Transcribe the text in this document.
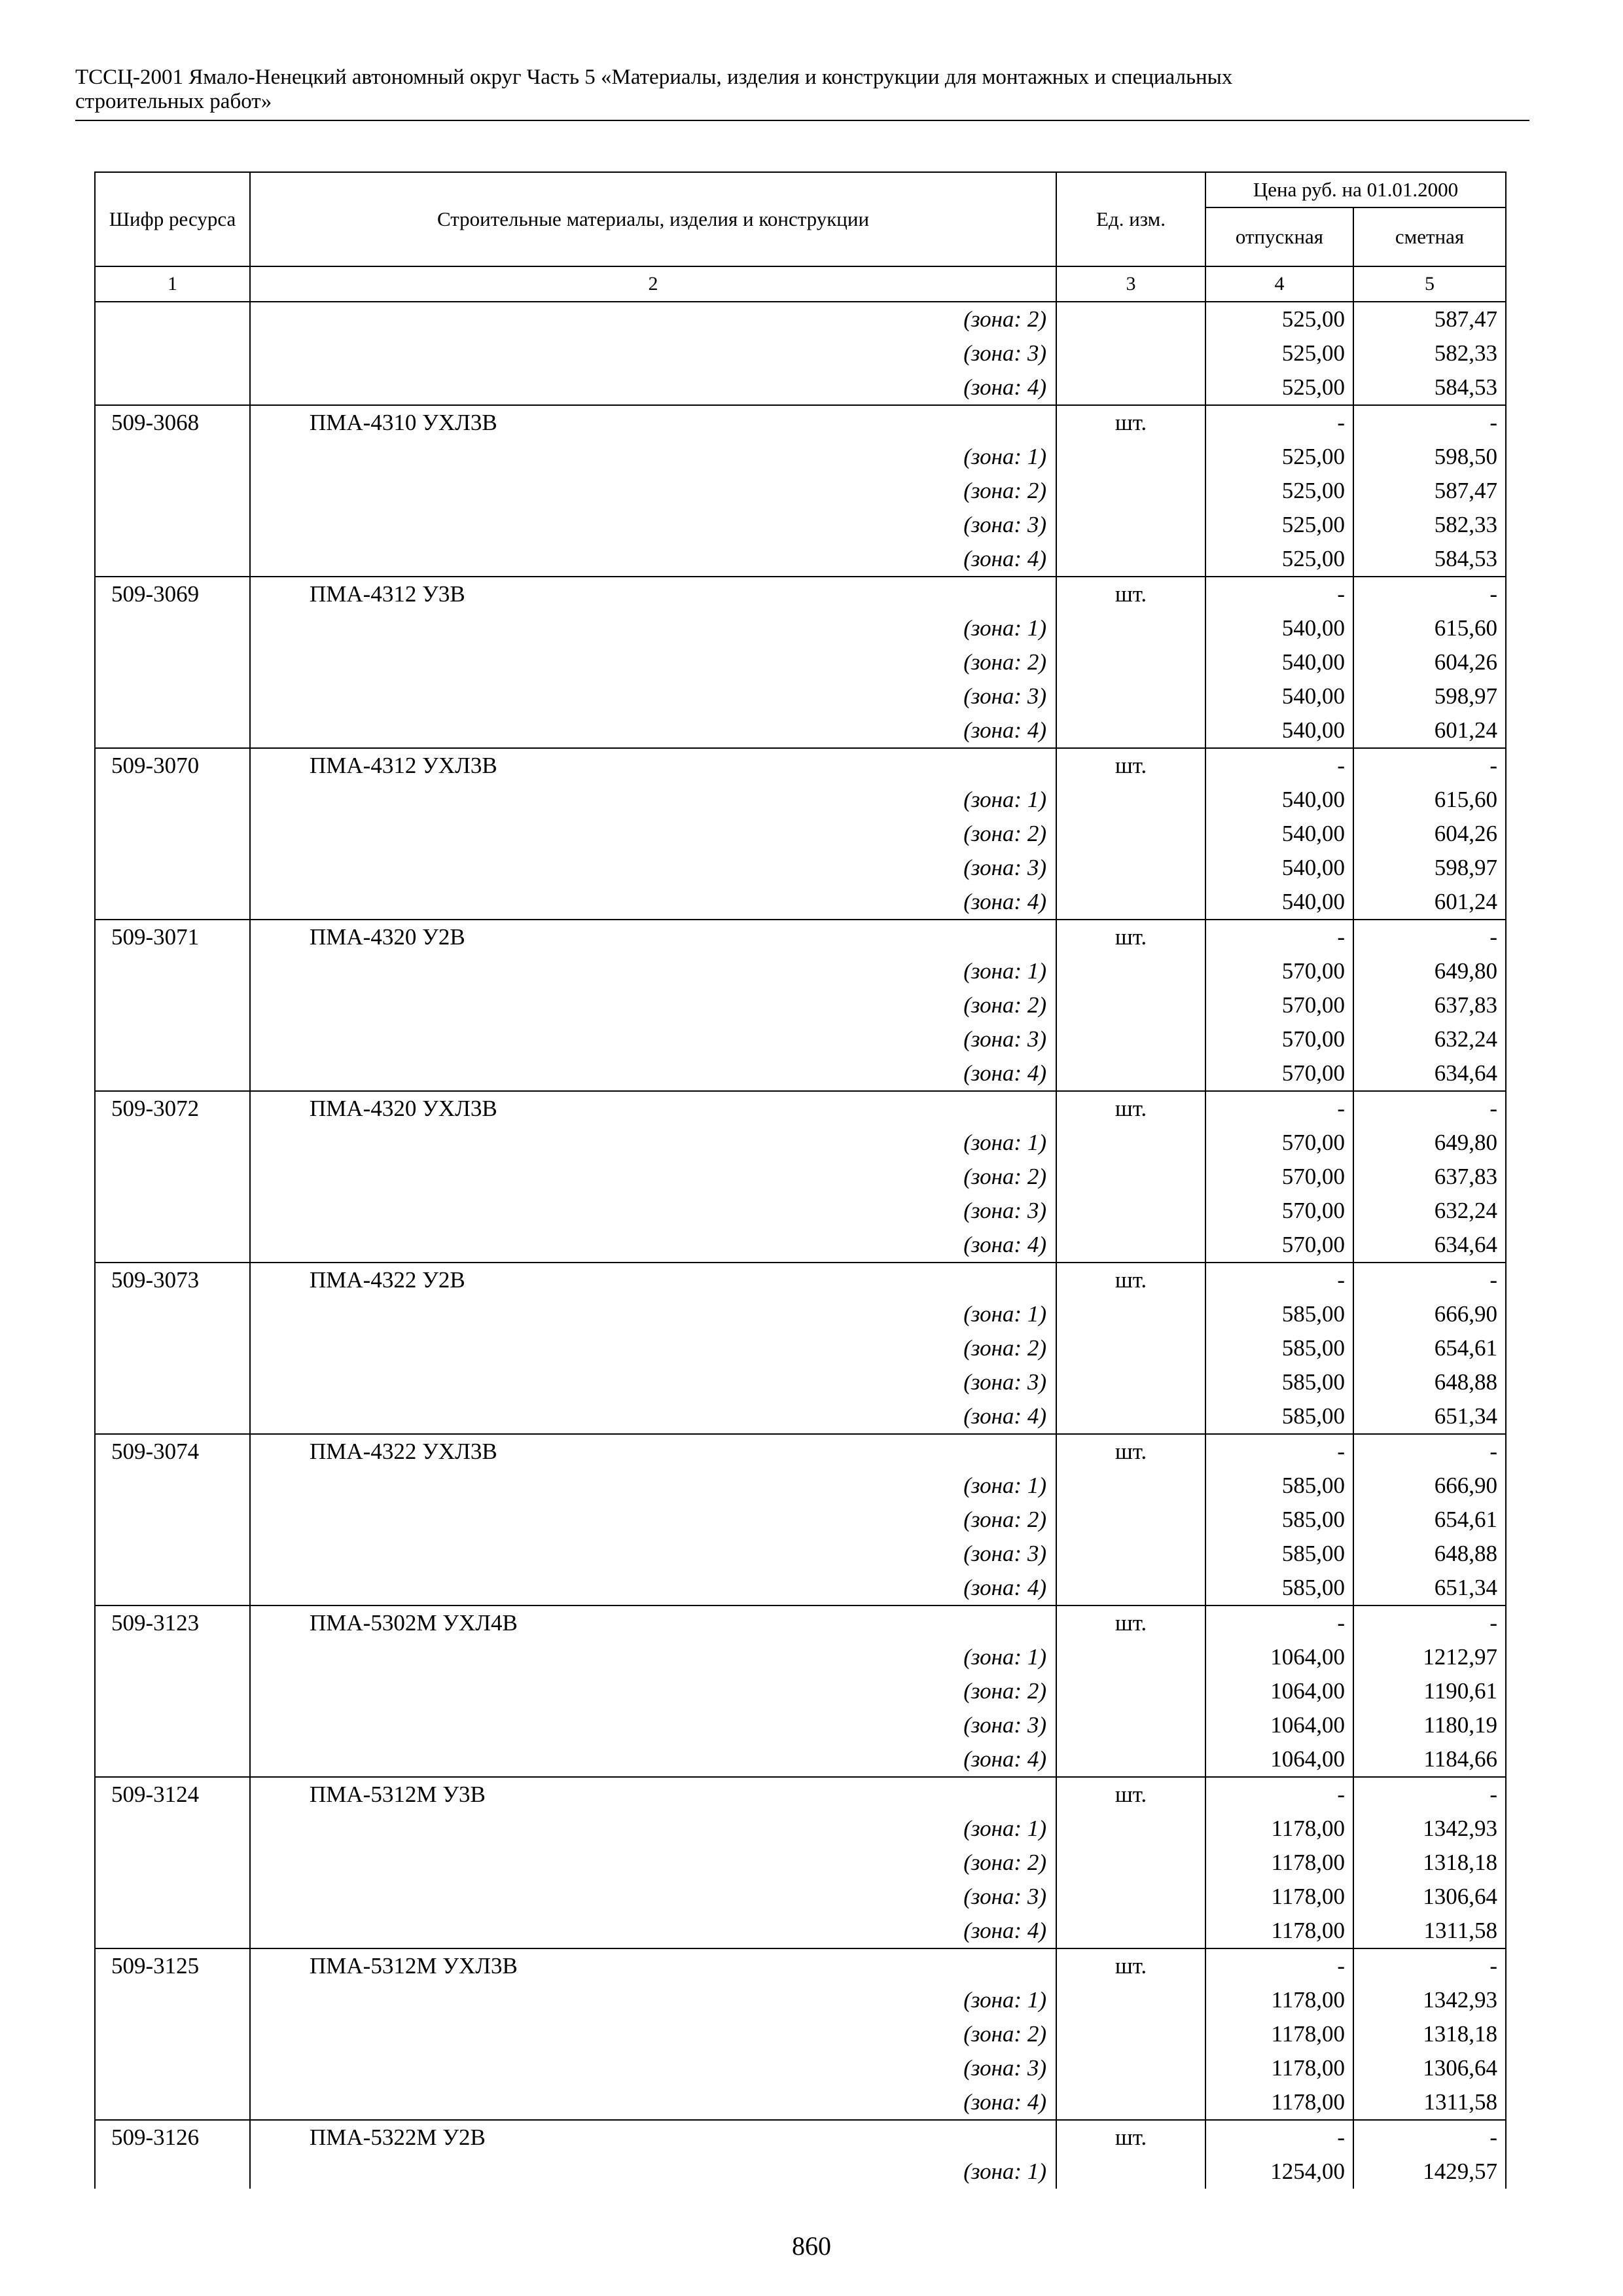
ТССЦ-2001 Ямало-Ненецкий автономный округ Часть 5 «Материалы, изделия и конструкции для монтажных и специальных
строительных работ»
Шифр ресурса	Строительные материалы, изделия и конструкции	Ед. изм.	Цена руб. на 01.01.2000	
			отпускная	сметная
1	2	3	4	5
	(зона: 2)		525,00	587,47
	(зона: 3)		525,00	582,33
	(зона: 4)		525,00	584,53
509-3068	ПМА-4310 УХЛ3В	шт.	-	-
	(зона: 1)		525,00	598,50
	(зона: 2)		525,00	587,47
	(зона: 3)		525,00	582,33
	(зона: 4)		525,00	584,53
509-3069	ПМА-4312 У3В	шт.	-	-
	(зона: 1)		540,00	615,60
	(зона: 2)		540,00	604,26
	(зона: 3)		540,00	598,97
	(зона: 4)		540,00	601,24
509-3070	ПМА-4312 УХЛ3В	шт.	-	-
	(зона: 1)		540,00	615,60
	(зона: 2)		540,00	604,26
	(зона: 3)		540,00	598,97
	(зона: 4)		540,00	601,24
509-3071	ПМА-4320 У2В	шт.	-	-
	(зона: 1)		570,00	649,80
	(зона: 2)		570,00	637,83
	(зона: 3)		570,00	632,24
	(зона: 4)		570,00	634,64
509-3072	ПМА-4320 УХЛ3В	шт.	-	-
	(зона: 1)		570,00	649,80
	(зона: 2)		570,00	637,83
	(зона: 3)		570,00	632,24
	(зона: 4)		570,00	634,64
509-3073	ПМА-4322 У2В	шт.	-	-
	(зона: 1)		585,00	666,90
	(зона: 2)		585,00	654,61
	(зона: 3)		585,00	648,88
	(зона: 4)		585,00	651,34
509-3074	ПМА-4322 УХЛ3В	шт.	-	-
	(зона: 1)		585,00	666,90
	(зона: 2)		585,00	654,61
	(зона: 3)		585,00	648,88
	(зона: 4)		585,00	651,34
509-3123	ПМА-5302М УХЛ4В	шт.	-	-
	(зона: 1)		1064,00	1212,97
	(зона: 2)		1064,00	1190,61
	(зона: 3)		1064,00	1180,19
	(зона: 4)		1064,00	1184,66
509-3124	ПМА-5312М У3В	шт.	-	-
	(зона: 1)		1178,00	1342,93
	(зона: 2)		1178,00	1318,18
	(зона: 3)		1178,00	1306,64
	(зона: 4)		1178,00	1311,58
509-3125	ПМА-5312М УХЛ3В	шт.	-	-
	(зона: 1)		1178,00	1342,93
	(зона: 2)		1178,00	1318,18
	(зона: 3)		1178,00	1306,64
	(зона: 4)		1178,00	1311,58
509-3126	ПМА-5322М У2В	шт.	-	-
	(зона: 1)		1254,00	1429,57
860
